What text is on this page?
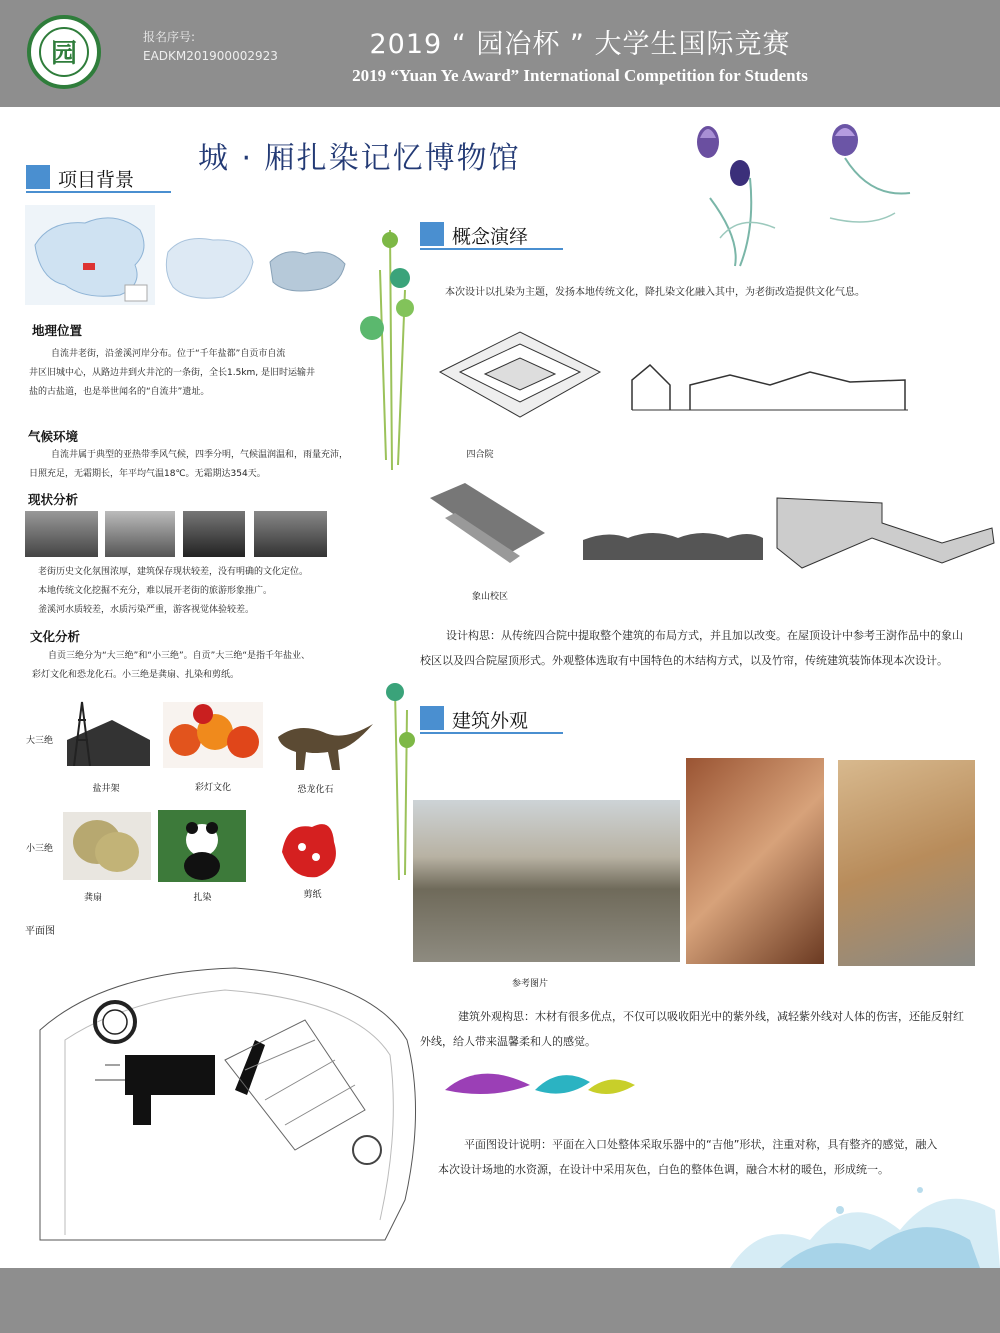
园
报名序号:
EADKM201900002923	2019 “ 园冶杯 ” 大学生国际竞赛
2019 “Yuan Ye Award” International Competition for Students
城 · 厢扎染记忆博物馆
项目背景
地理位置
自流井老街，沿釜溪河岸分布。位于“千年盐都”自贡市自流
井区旧城中心，从路边井到火井沱的一条街，全长1.5km, 是旧时运输井
盐的古盐道，也是举世闻名的“自流井”遗址。
气候环境
自流井属于典型的亚热带季风气候，四季分明，气候温润温和，雨量充沛，
日照充足，无霜期长，年平均气温18℃。无霜期达354天。
现状分析
老街历史文化氛围浓厚，建筑保存现状较差，没有明确的文化定位。
本地传统文化挖掘不充分，难以展开老街的旅游形象推广。
釜溪河水质较差，水质污染严重，游客视觉体验较差。
文化分析
自贡三绝分为“大三绝”和“小三绝”。自贡”大三绝“是指千年盐业、
彩灯文化和恐龙化石。小三绝是龚扇、扎染和剪纸。
大三绝
盐井架	彩灯文化	恐龙化石
小三绝
龚扇	扎染	剪纸
平面图
概念演绎
本次设计以扎染为主题，发扬本地传统文化，降扎染文化融入其中，为老街改造提供文化气息。
四合院
象山校区
设计构思：从传统四合院中提取整个建筑的布局方式，并且加以改变。在屋顶设计中参考王澍作品中的象山
校区以及四合院屋顶形式。外观整体选取有中国特色的木结构方式，以及竹帘，传统建筑装饰体现本次设计。
建筑外观
参考图片
建筑外观构思：木材有很多优点，不仅可以吸收阳光中的紫外线，减轻紫外线对人体的伤害，还能反射红
外线，给人带来温馨柔和人的感觉。
平面图设计说明：平面在入口处整体采取乐器中的“吉他”形状，注重对称，具有整齐的感觉，融入
本次设计场地的水资源，在设计中采用灰色，白色的整体色调，融合木材的暖色，形成统一。
